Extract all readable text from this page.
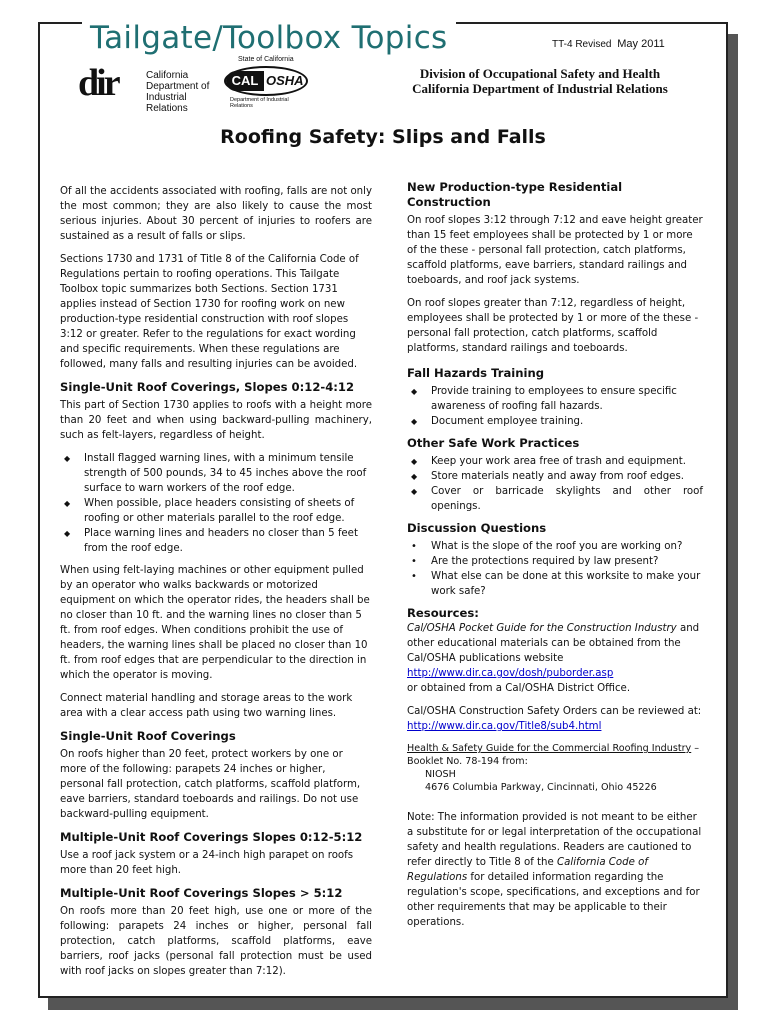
Tailgate/Toolbox Topics	TT-4 Revised May 2011
dir	California
Department of
Industrial Relations
State of California
CAL OSHA
Department of Industrial Relations
Division of Occupational Safety and Health
California Department of Industrial Relations
Roofing Safety: Slips and Falls

Of all the accidents associated with roofing, falls are not only the most common; they are also likely to cause the most serious injuries. About 30 percent of injuries to roofers are sustained as a result of falls or slips.

Sections 1730 and 1731 of Title 8 of the California Code of Regulations pertain to roofing operations. This Tailgate Toolbox topic summarizes both Sections. Section 1731 applies instead of Section 1730 for roofing work on new production-type residential construction with roof slopes 3:12 or greater. Refer to the regulations for exact wording and specific requirements. When these regulations are followed, many falls and resulting injuries can be avoided.

Single-Unit Roof Coverings, Slopes 0:12-4:12

This part of Section 1730 applies to roofs with a height more than 20 feet and when using backward-pulling machinery, such as felt-layers, regardless of height.

◆ Install flagged warning lines, with a minimum tensile strength of 500 pounds, 34 to 45 inches above the roof surface to warn workers of the roof edge.
◆ When possible, place headers consisting of sheets of roofing or other materials parallel to the roof edge.
◆ Place warning lines and headers no closer than 5 feet from the roof edge.

When using felt-laying machines or other equipment pulled by an operator who walks backwards or motorized equipment on which the operator rides, the headers shall be no closer than 10 ft. and the warning lines no closer than 5 ft. from roof edges. When conditions prohibit the use of headers, the warning lines shall be placed no closer than 10 ft. from roof edges that are perpendicular to the direction in which the operator is moving.

Connect material handling and storage areas to the work area with a clear access path using two warning lines.

Single-Unit Roof Coverings

On roofs higher than 20 feet, protect workers by one or more of the following: parapets 24 inches or higher, personal fall protection, catch platforms, scaffold platform, eave barriers, standard toeboards and railings. Do not use backward-pulling equipment.

Multiple-Unit Roof Coverings Slopes 0:12-5:12

Use a roof jack system or a 24-inch high parapet on roofs more than 20 feet high.

Multiple-Unit Roof Coverings Slopes > 5:12

On roofs more than 20 feet high, use one or more of the following: parapets 24 inches or higher, personal fall protection, catch platforms, scaffold platforms, eave barriers, roof jacks (personal fall protection must be used with roof jacks on slopes greater than 7:12).

New Production-type Residential Construction

On roof slopes 3:12 through 7:12 and eave height greater than 15 feet employees shall be protected by 1 or more of the these - personal fall protection, catch platforms, scaffold platforms, eave barriers, standard railings and toeboards, and roof jack systems.

On roof slopes greater than 7:12, regardless of height, employees shall be protected by 1 or more of the these - personal fall protection, catch platforms, scaffold platforms, standard railings and toeboards.

Fall Hazards Training
◆ Provide training to employees to ensure specific awareness of roofing fall hazards.
◆ Document employee training.
Other Safe Work Practices
◆ Keep your work area free of trash and equipment.
◆ Store materials neatly and away from roof edges.
◆ Cover or barricade skylights and other roof openings.
Discussion Questions
• What is the slope of the roof you are working on?
• Are the protections required by law present?
• What else can be done at this worksite to make your work safe?
Resources:

Cal/OSHA Pocket Guide for the Construction Industry and other educational materials can be obtained from the Cal/OSHA publications website

http://www.dir.ca.gov/dosh/puborder.asp

or obtained from a Cal/OSHA District Office.

Cal/OSHA Construction Safety Orders can be reviewed at: http://www.dir.ca.gov/Title8/sub4.html

Health & Safety Guide for the Commercial Roofing Industry –
Booklet No. 78-194 from:

NIOSH
4676 Columbia Parkway, Cincinnati, Ohio 45226

Note: The information provided is not meant to be either a substitute for or legal interpretation of the occupational safety and health regulations. Readers are cautioned to refer directly to Title 8 of the California Code of Regulations for detailed information regarding the regulation's scope, specifications, and exceptions and for other requirements that may be applicable to their operations.
